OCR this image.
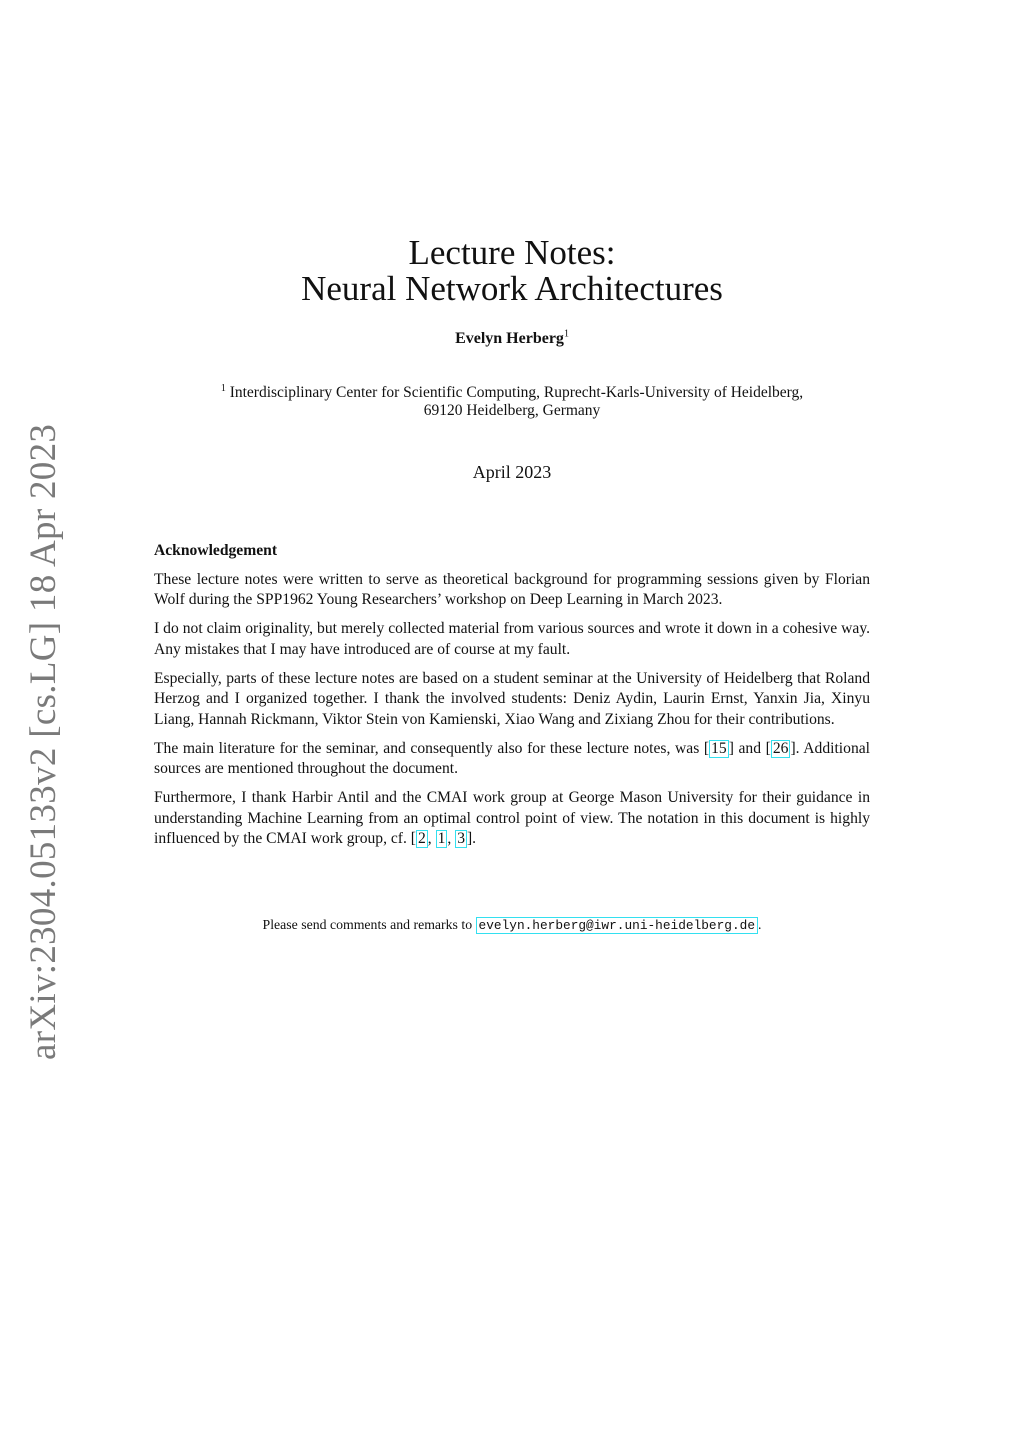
arXiv:2304.05133v2 [cs.LG] 18 Apr 2023
Lecture Notes:
Neural Network Architectures
Evelyn Herberg$^1$
$^1$ Interdisciplinary Center for Scientific Computing, Ruprecht-Karls-University of Heidelberg,
69120 Heidelberg, Germany
April 2023
Acknowledgement

These lecture notes were written to serve as theoretical background for programming sessions given by Florian Wolf during the SPP1962 Young Researchers’ workshop on Deep Learning in March 2023.

I do not claim originality, but merely collected material from various sources and wrote it down in a cohesive way. Any mistakes that I may have introduced are of course at my fault.

Especially, parts of these lecture notes are based on a student seminar at the University of Heidelberg that Roland Herzog and I organized together. I thank the involved students: Deniz Aydin, Laurin Ernst, Yanxin Jia, Xinyu Liang, Hannah Rickmann, Viktor Stein von Kamienski, Xiao Wang and Zixiang Zhou for their contributions.

The main literature for the seminar, and consequently also for these lecture notes, was [ 15 ] and [ 26 ]. Additional sources are mentioned throughout the document.

Furthermore, I thank Harbir Antil and the CMAI work group at George Mason University for their guidance in understanding Machine Learning from an optimal control point of view. The notation in this document is highly influenced by the CMAI work group, cf. [ 2 , 1 , 3 ].

Please send comments and remarks to evelyn.herberg@iwr.uni-heidelberg.de .
